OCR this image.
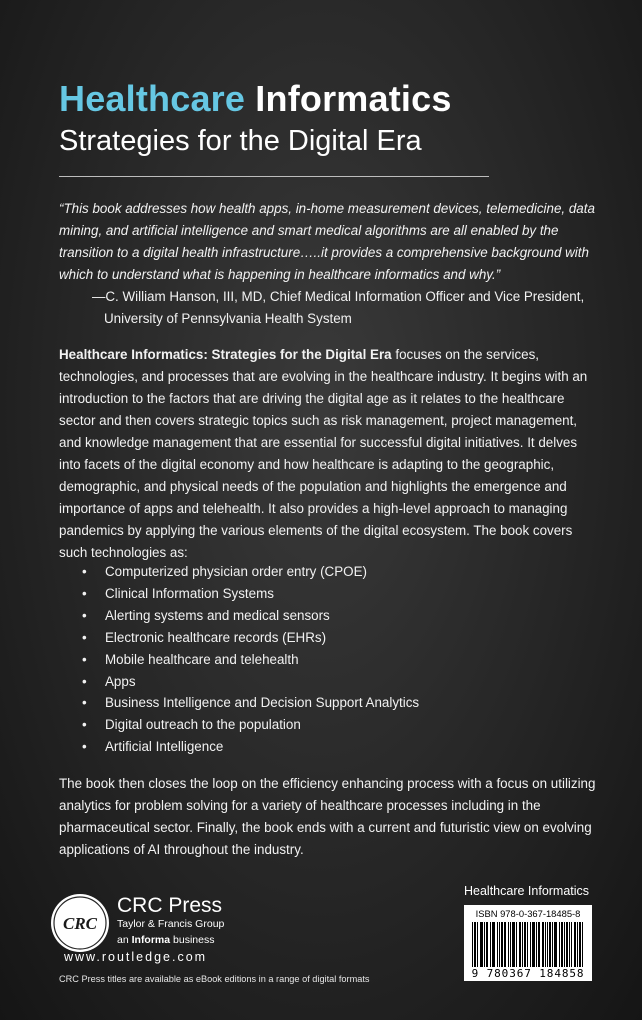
Healthcare Informatics
Strategies for the Digital Era
“This book addresses how health apps, in-home measurement devices, telemedicine, data mining, and artificial intelligence and smart medical algorithms are all enabled by the transition to a digital health infrastructure…..it provides a comprehensive background with which to understand what is happening in healthcare informatics and why.”
—C. William Hanson, III, MD, Chief Medical Information Officer and Vice President,
University of Pennsylvania Health System
Healthcare Informatics: Strategies for the Digital Era focuses on the services, technologies, and processes that are evolving in the healthcare industry. It begins with an introduction to the factors that are driving the digital age as it relates to the healthcare sector and then covers strategic topics such as risk management, project management, and knowledge management that are essential for successful digital initiatives. It delves into facets of the digital economy and how healthcare is adapting to the geographic, demographic, and physical needs of the population and highlights the emergence and importance of apps and telehealth. It also provides a high-level approach to managing pandemics by applying the various elements of the digital ecosystem. The book covers such technologies as:
• Computerized physician order entry (CPOE)
• Clinical Information Systems
• Alerting systems and medical sensors
• Electronic healthcare records (EHRs)
• Mobile healthcare and telehealth
• Apps
• Business Intelligence and Decision Support Analytics
• Digital outreach to the population
• Artificial Intelligence
The book then closes the loop on the efficiency enhancing process with a focus on utilizing analytics for problem solving for a variety of healthcare processes including in the pharmaceutical sector. Finally, the book ends with a current and futuristic view on evolving applications of AI throughout the industry.
CRC
CRC Press
Taylor & Francis Group
an Informa business
www.routledge.com
CRC Press titles are available as eBook editions in a range of digital formats
Healthcare Informatics
ISBN 978-0-367-18485-8
9 780367 184858
